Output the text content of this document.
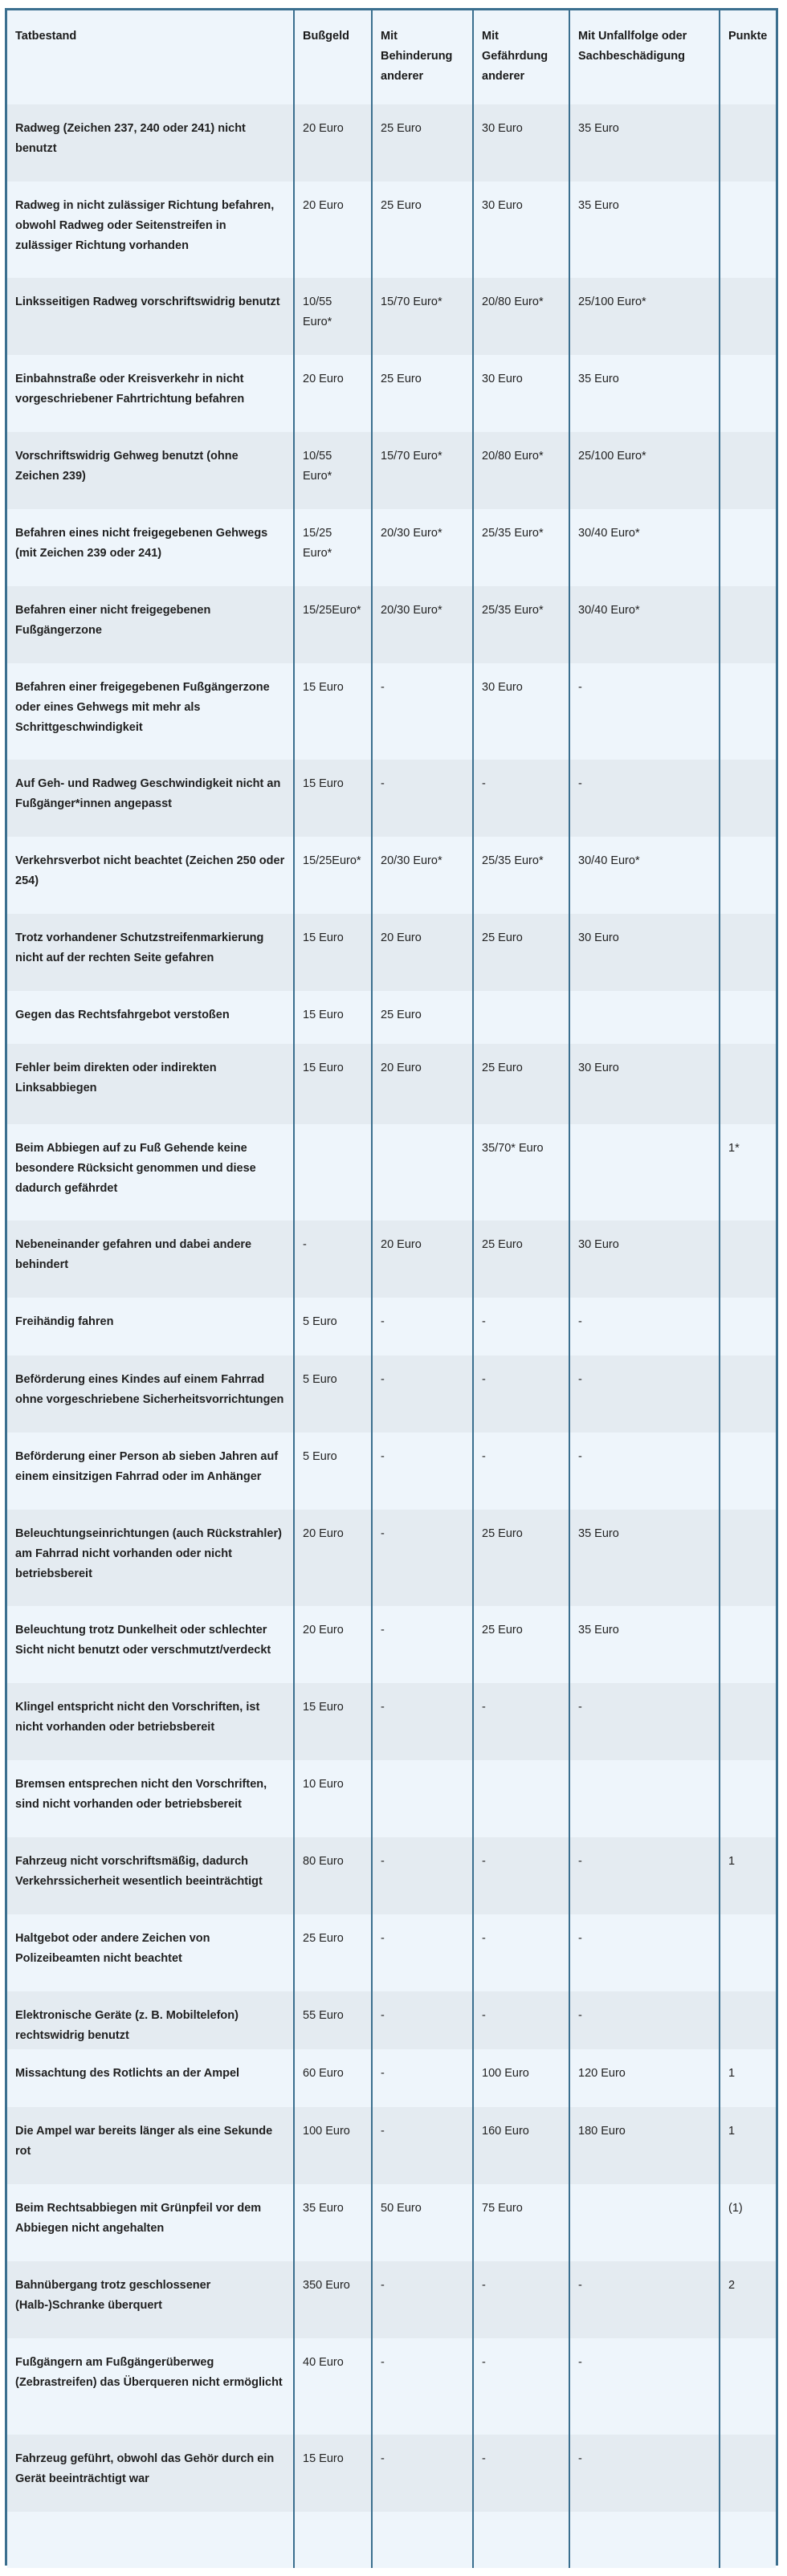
Tatbestand	Bußgeld	Mit Behinderung anderer	Mit Gefährdung anderer	Mit Unfallfolge oder Sachbeschädigung	Punkte
Radweg (Zeichen 237, 240 oder 241) nicht benutzt	20 Euro	25 Euro	30 Euro	35 Euro	
Radweg in nicht zulässiger Richtung befahren, obwohl Radweg oder Seitenstreifen in zulässiger Richtung vorhanden	20 Euro	25 Euro	30 Euro	35 Euro	
Linksseitigen Radweg vorschriftswidrig benutzt	10/55 Euro*	15/70 Euro*	20/80 Euro*	25/100 Euro*	
Einbahnstraße oder Kreisverkehr in nicht vorgeschriebener Fahrtrichtung befahren	20 Euro	25 Euro	30 Euro	35 Euro	
Vorschriftswidrig Gehweg benutzt (ohne Zeichen 239)	10/55 Euro*	15/70 Euro*	20/80 Euro*	25/100 Euro*	
Befahren eines nicht freigegebenen Gehwegs (mit Zeichen 239 oder 241)	15/25 Euro*	20/30 Euro*	25/35 Euro*	30/40 Euro*	
Befahren einer nicht freigegebenen Fußgängerzone	15/25Euro*	20/30 Euro*	25/35 Euro*	30/40 Euro*	
Befahren einer freigegebenen Fußgängerzone oder eines Gehwegs mit mehr als Schrittgeschwindigkeit	15 Euro	-	30 Euro	-	
Auf Geh- und Radweg Geschwindigkeit nicht an Fußgänger*innen angepasst	15 Euro	-	-	-	
Verkehrsverbot nicht beachtet (Zeichen 250 oder 254)	15/25Euro*	20/30 Euro*	25/35 Euro*	30/40 Euro*	
Trotz vorhandener Schutzstreifenmarkierung nicht auf der rechten Seite gefahren	15 Euro	20 Euro	25 Euro	30 Euro	
Gegen das Rechtsfahrgebot verstoßen	15 Euro	25 Euro			
Fehler beim direkten oder indirekten Linksabbiegen	15 Euro	20 Euro	25 Euro	30 Euro	
Beim Abbiegen auf zu Fuß Gehende keine besondere Rücksicht genommen und diese dadurch gefährdet			35/70* Euro		1*
Nebeneinander gefahren und dabei andere behindert	-	20 Euro	25 Euro	30 Euro	
Freihändig fahren	5 Euro	-	-	-	
Beförderung eines Kindes auf einem Fahrrad ohne vorgeschriebene Sicherheitsvorrichtungen	5 Euro	-	-	-	
Beförderung einer Person ab sieben Jahren auf einem einsitzigen Fahrrad oder im Anhänger	5 Euro	-	-	-	
Beleuchtungseinrichtungen (auch Rückstrahler) am Fahrrad nicht vorhanden oder nicht betriebsbereit	20 Euro	-	25 Euro	35 Euro	
Beleuchtung trotz Dunkelheit oder schlechter Sicht nicht benutzt oder verschmutzt/verdeckt	20 Euro	-	25 Euro	35 Euro	
Klingel entspricht nicht den Vorschriften, ist nicht vorhanden oder betriebsbereit	15 Euro	-	-	-	
Bremsen entsprechen nicht den Vorschriften, sind nicht vorhanden oder betriebsbereit	10 Euro				
Fahrzeug nicht vorschriftsmäßig, dadurch Verkehrssicherheit wesentlich beeinträchtigt	80 Euro	-	-	-	1
Haltgebot oder andere Zeichen von Polizeibeamten nicht beachtet	25 Euro	-	-	-	
Elektronische Geräte (z. B. Mobiltelefon) rechtswidrig benutzt	55 Euro	-	-	-	
Missachtung des Rotlichts an der Ampel	60 Euro	-	100 Euro	120 Euro	1
Die Ampel war bereits länger als eine Sekunde rot	100 Euro	-	160 Euro	180 Euro	1
Beim Rechtsabbiegen mit Grünpfeil vor dem Abbiegen nicht angehalten	35 Euro	50 Euro	75 Euro		(1)
Bahnübergang trotz geschlossener (Halb-)Schranke überquert	350 Euro	-	-	-	2
Fußgängern am Fußgängerüberweg (Zebrastreifen) das Überqueren nicht ermöglicht	40 Euro	-	-	-	
Fahrzeug geführt, obwohl das Gehör durch ein Gerät beeinträchtigt war	15 Euro	-	-	-	
